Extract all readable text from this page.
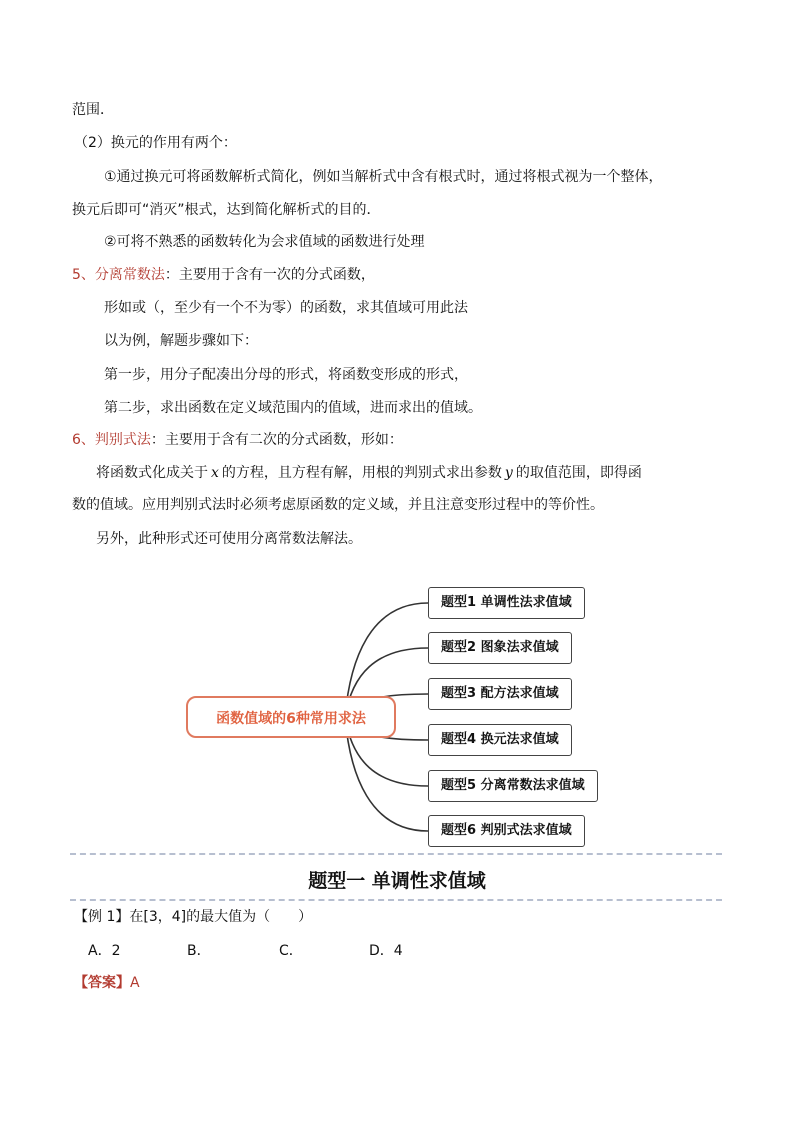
范围．
（2）换元的作用有两个：
①通过换元可将函数解析式简化，例如当解析式中含有根式时，通过将根式视为一个整体，
换元后即可“消灭”根式，达到简化解析式的目的．
②可将不熟悉的函数转化为会求值域的函数进行处理
5、分离常数法：主要用于含有一次的分式函数，
形如或（，至少有一个不为零）的函数，求其值域可用此法
以为例，解题步骤如下：
第一步，用分子配凑出分母的形式，将函数变形成的形式，
第二步，求出函数在定义域范围内的值域，进而求出的值域。
6、判别式法：主要用于含有二次的分式函数，形如：
将函数式化成关于 x 的方程，且方程有解，用根的判别式求出参数 y 的取值范围，即得函
数的值域。应用判别式法时必须考虑原函数的定义域，并且注意变形过程中的等价性。
另外，此种形式还可使用分离常数法解法。
函数值域的6种常用求法
题型1 单调性法求值域
题型2 图象法求值域
题型3 配方法求值域
题型4 换元法求值域
题型5 分离常数法求值域
题型6 判别式法求值域
题型一 单调性求值域
【例 1】在[3，4]的最大值为（　　）
A．2	B．	C．	D．4
【答案】A
